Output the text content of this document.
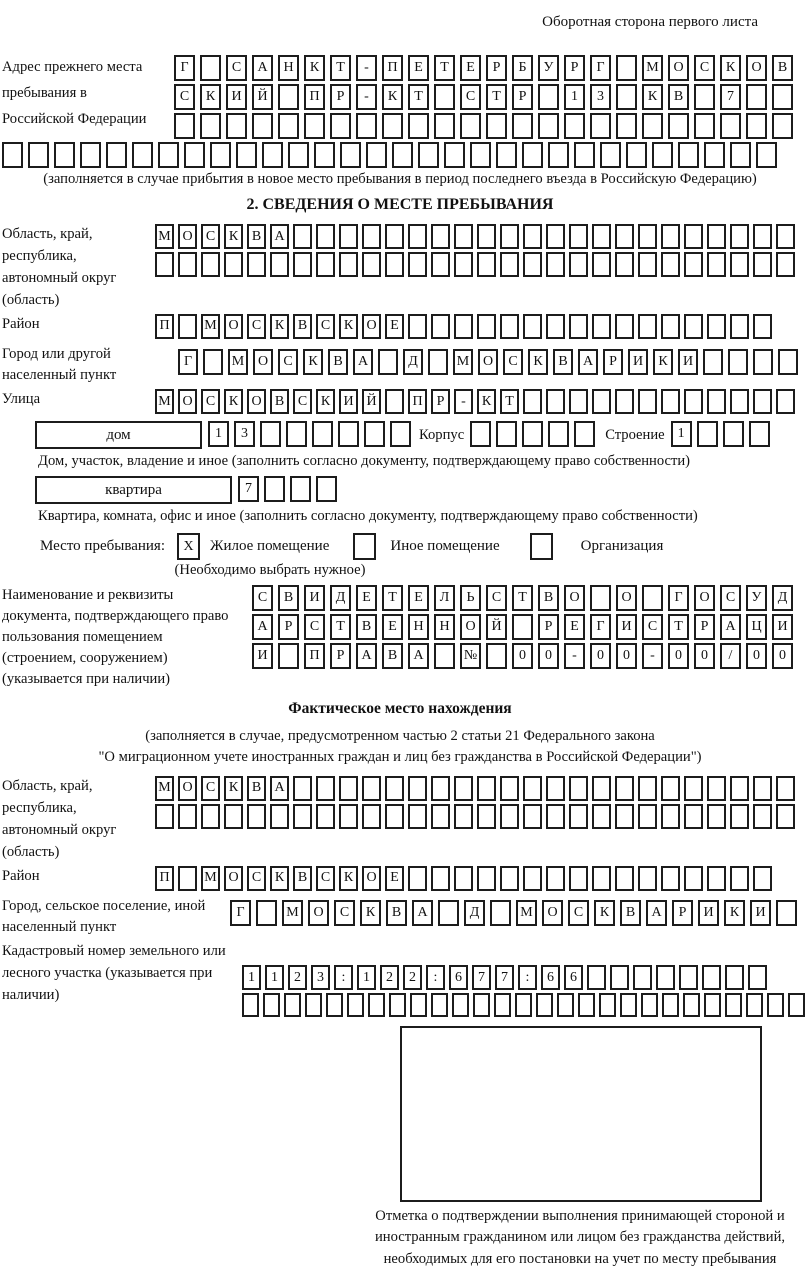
Оборотная сторона первого листа
Адрес прежнего места пребывания в Российской Федерации
Г	С	А	Н	К	Т	-	П	Е	Т	Е	Р	Б	У	Р	Г	М	О	С	К	О	В
С	К	И	Й	П	Р	-	К	Т	С	Т	Р	1	3	К	В	7
(заполняется в случае прибытия в новое место пребывания в период последнего въезда в Российскую Федерацию)
2. СВЕДЕНИЯ О МЕСТЕ ПРЕБЫВАНИЯ
Область, край, республика, автономный округ (область)
М О С К В А
Район	П	М О С К В С К О Е
Город или другой населенный пункт
Г	М О	С	К	В	А	Д	М О	С	К	В	А	Р	И	К	И
Улица	М О С К О В С К И Й	П	Р	-	К	Т
дом	1	3	Корпус	Строение 1
Дом, участок, владение и иное (заполнить согласно документу, подтверждающему право собственности)
квартира	7
Квартира, комната, офис и иное (заполнить согласно документу, подтверждающему право собственности)
Место пребывания:	X	Жилое помещение	Иное помещение	Организация
(Необходимо выбрать нужное)
Наименование и реквизиты документа, подтверждающего право пользования помещением (строением, сооружением) (указывается при наличии)
С	В	И	Д	Е	Т	Е	Л	Ь	С	Т	В	О	О	Г	О	С	У	Д
А	Р	С	Т	В	Е	Н	Н	О	Й	Р	Е	Г	И	С	Т	Р	А	Ц	И
И	П	Р	А	В	А	№	0	0	-	0	0	-	0	0	/	0	0
Фактическое место нахождения
(заполняется в случае, предусмотренном частью 2 статьи 21 Федерального закона
"О миграционном учете иностранных граждан и лиц без гражданства в Российской Федерации")
Область, край, республика, автономный округ (область)
М О С К В А
Район	П	М О С К В С К О Е
Город, сельское поселение, иной населенный пункт
Г	М	О	С	К	В	А	Д	М	О	С	К	В	А	Р	И	К	И
Кадастровый номер земельного или лесного участка (указывается при наличии)
1	1	2	3	:	1	2	2	:	6	7	7	:	6	6
Отметка о подтверждении выполнения принимающей стороной и иностранным гражданином или лицом без гражданства действий, необходимых для его постановки на учет по месту пребывания
